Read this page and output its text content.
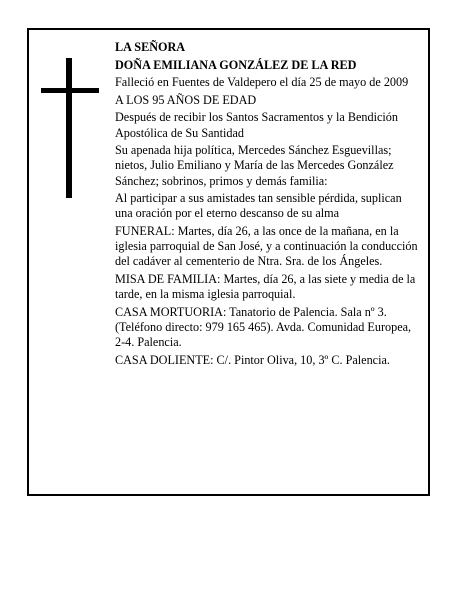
LA SEÑORA

DOÑA EMILIANA GONZÁLEZ DE LA RED

Falleció en Fuentes de Valdepero el día 25 de mayo de 2009

A LOS 95 AÑOS DE EDAD

Después de recibir los Santos Sacramentos y la Bendición Apostólica de Su Santidad

Su apenada hija política, Mercedes Sánchez Esguevillas; nietos, Julio Emiliano y María de las Mercedes González Sánchez; sobrinos, primos y demás familia:

Al participar a sus amistades tan sensible pérdida, suplican una oración por el eterno descanso de su alma

FUNERAL: Martes, día 26, a las once de la mañana, en la iglesia parroquial de San José, y a continuación la conducción del cadáver al cementerio de Ntra. Sra. de los Ángeles.

MISA DE FAMILIA: Martes, día 26, a las siete y media de la tarde, en la misma iglesia parroquial.

CASA MORTUORIA: Tanatorio de Palencia. Sala nº 3. (Teléfono directo: 979 165 465). Avda. Comunidad Europea, 2-4. Palencia.

CASA DOLIENTE: C/. Pintor Oliva, 10, 3º C. Palencia.
